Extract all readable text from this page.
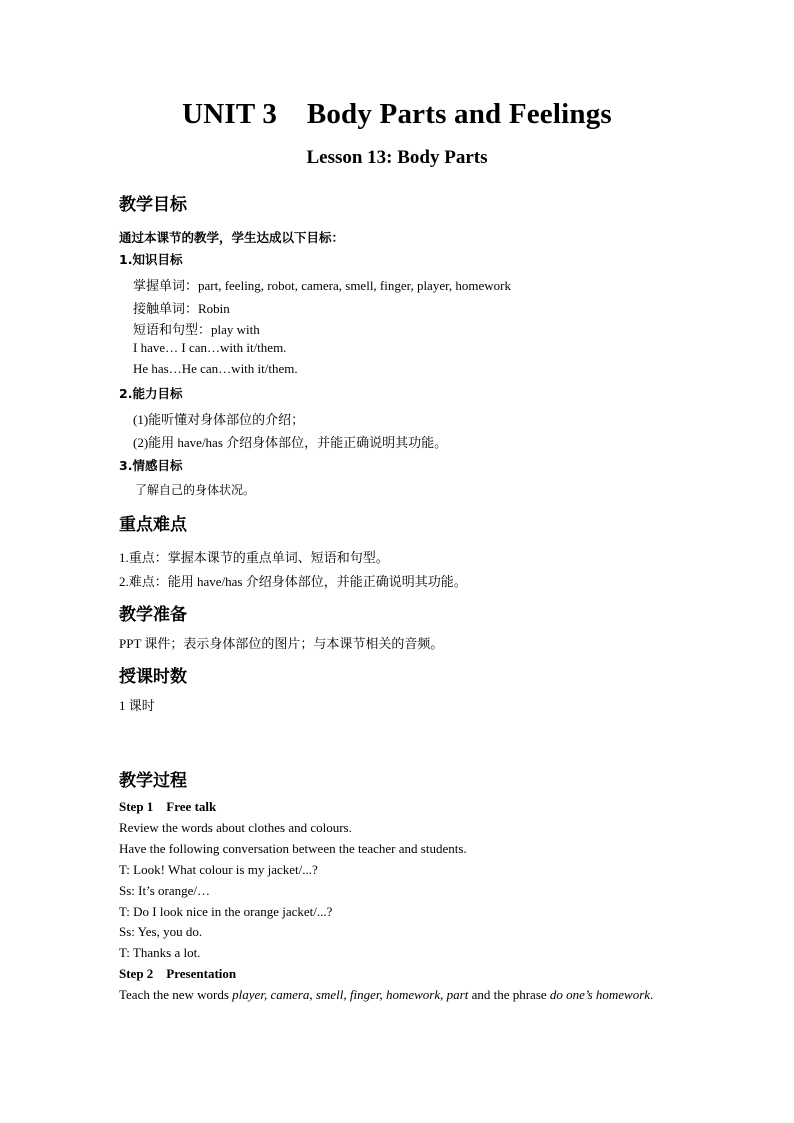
UNIT 3    Body Parts and Feelings
Lesson 13: Body Parts
教学目标
通过本课节的教学，学生达成以下目标：
1.知识目标
掌握单词：part, feeling, robot, camera, smell, finger, player, homework
接触单词：Robin
短语和句型：play with
I have… I can…with it/them.
He has…He can…with it/them.
2.能力目标
(1)能听懂对身体部位的介绍；
(2)能用 have/has 介绍身体部位，并能正确说明其功能。
3.情感目标
了解自己的身体状况。
重点难点
1.重点：掌握本课节的重点单词、短语和句型。
2.难点：能用 have/has 介绍身体部位，并能正确说明其功能。
教学准备
PPT 课件；表示身体部位的图片；与本课节相关的音频。
授课时数
1 课时
教学过程
Step 1    Free talk
Review the words about clothes and colours.
Have the following conversation between the teacher and students.
T: Look! What colour is my jacket/...?
Ss: It’s orange/…
T: Do I look nice in the orange jacket/...?
Ss: Yes, you do.
T: Thanks a lot.
Step 2    Presentation
Teach the new words player, camera, smell, finger, homework, part and the phrase do one’s homework.
